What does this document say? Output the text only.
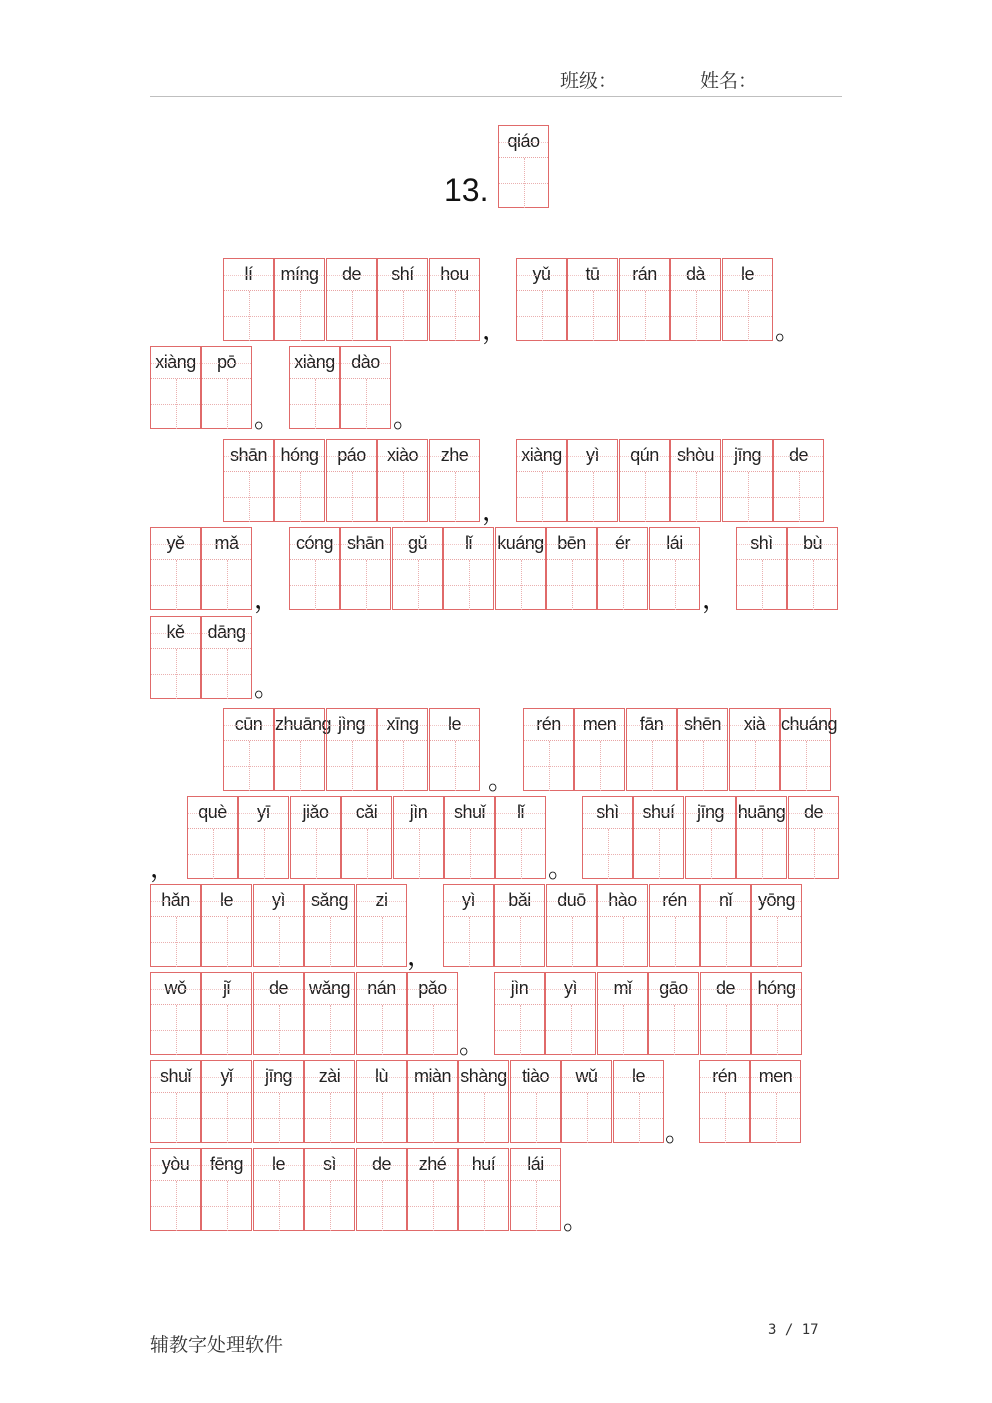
班级：	姓名：
13.
qiáo
lí	míng	de	shí	hou
，
yǔ	tū	rán	dà	le
。
xiàng	pō
。
xiàng dào
。
shān hóng	páo	xiào	zhe
，
xiàng	yì	qún	shòu	jīng	de
yě	mǎ
，
cóng shān	gǔ	lǐ	kuáng bēn	ér	lái
，
shì	bù
kě	dāng
。
cūn zhuāng jìng	xīng	le
。
rén	men	fān	shēn	xià chuáng
què	yī	jiǎo	cǎi	jìn	shuǐ	lǐ
。
shì	shuí	jīng huāng	de
，
hǎn	le	yì	sǎng	zi
，
yì	bǎi	duō	hào	rén	nǐ	yōng
wǒ	jǐ	de	wǎng nán	pǎo
。
jìn	yì	mǐ	gāo	de	hóng
shuǐ	yǐ	jīng	zài	lù	miàn shàng tiào	wǔ	le
。
rén	men
yòu	fēng	le	sì	de	zhé	huí	lái
。
辅教字处理软件
3 / 17
